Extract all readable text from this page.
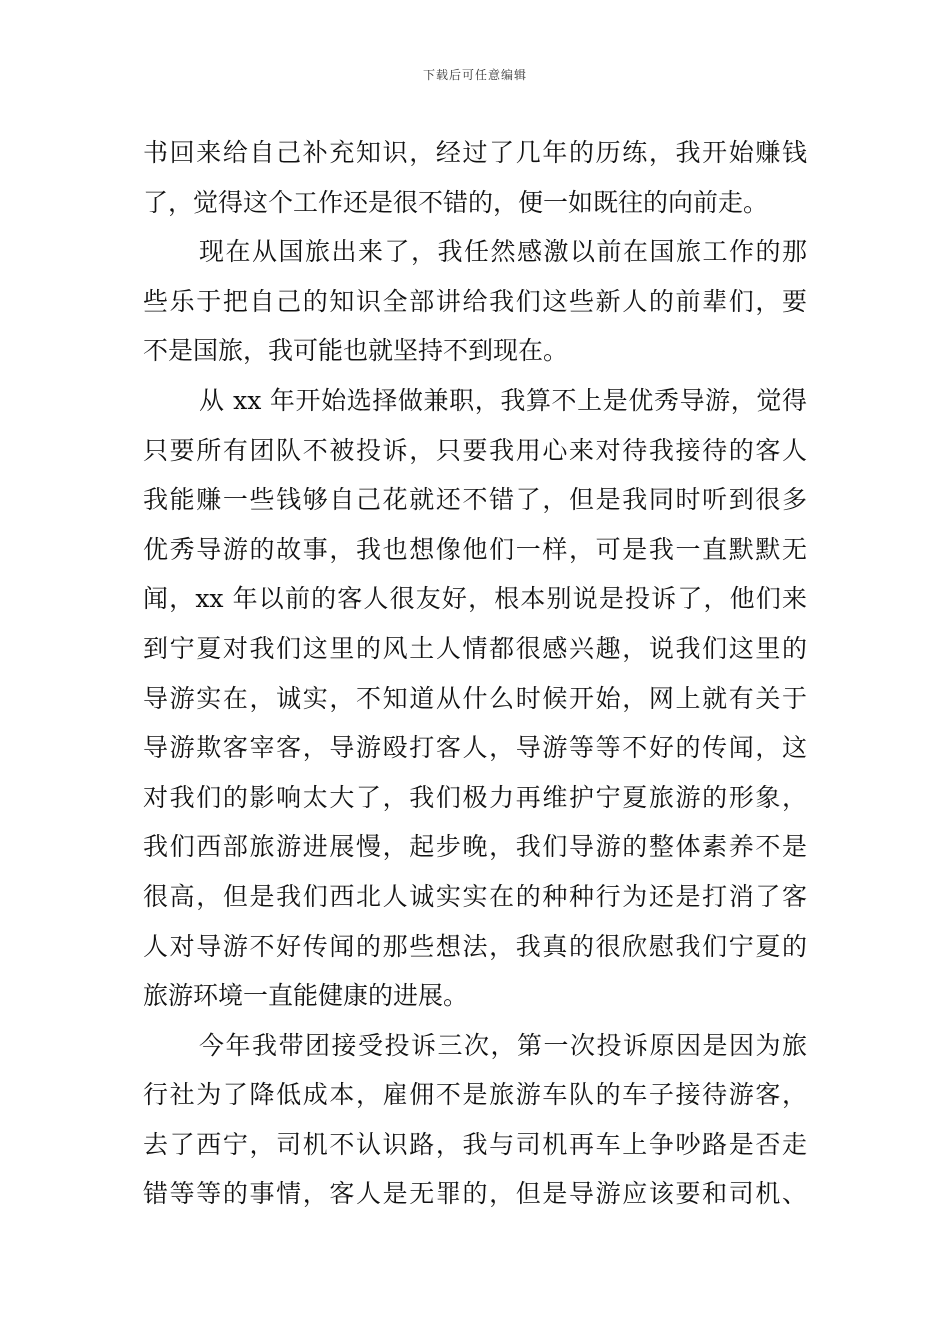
下载后可任意编辑
书回来给自己补充知识，经过了几年的历练，我开始赚钱
了，觉得这个工作还是很不错的，便一如既往的向前走。
现在从国旅出来了，我任然感激以前在国旅工作的那
些乐于把自己的知识全部讲给我们这些新人的前辈们，要
不是国旅，我可能也就坚持不到现在。
从 xx 年开始选择做兼职，我算不上是优秀导游，觉得
只要所有团队不被投诉，只要我用心来对待我接待的客人
我能赚一些钱够自己花就还不错了，但是我同时听到很多
优秀导游的故事，我也想像他们一样，可是我一直默默无
闻，xx 年以前的客人很友好，根本别说是投诉了，他们来
到宁夏对我们这里的风土人情都很感兴趣，说我们这里的
导游实在，诚实，不知道从什么时候开始，网上就有关于
导游欺客宰客，导游殴打客人，导游等等不好的传闻，这
对我们的影响太大了，我们极力再维护宁夏旅游的形象，
我们西部旅游进展慢，起步晚，我们导游的整体素养不是
很高，但是我们西北人诚实实在的种种行为还是打消了客
人对导游不好传闻的那些想法，我真的很欣慰我们宁夏的
旅游环境一直能健康的进展。
今年我带团接受投诉三次，第一次投诉原因是因为旅
行社为了降低成本，雇佣不是旅游车队的车子接待游客，
去了西宁，司机不认识路，我与司机再车上争吵路是否走
错等等的事情，客人是无罪的，但是导游应该要和司机、
